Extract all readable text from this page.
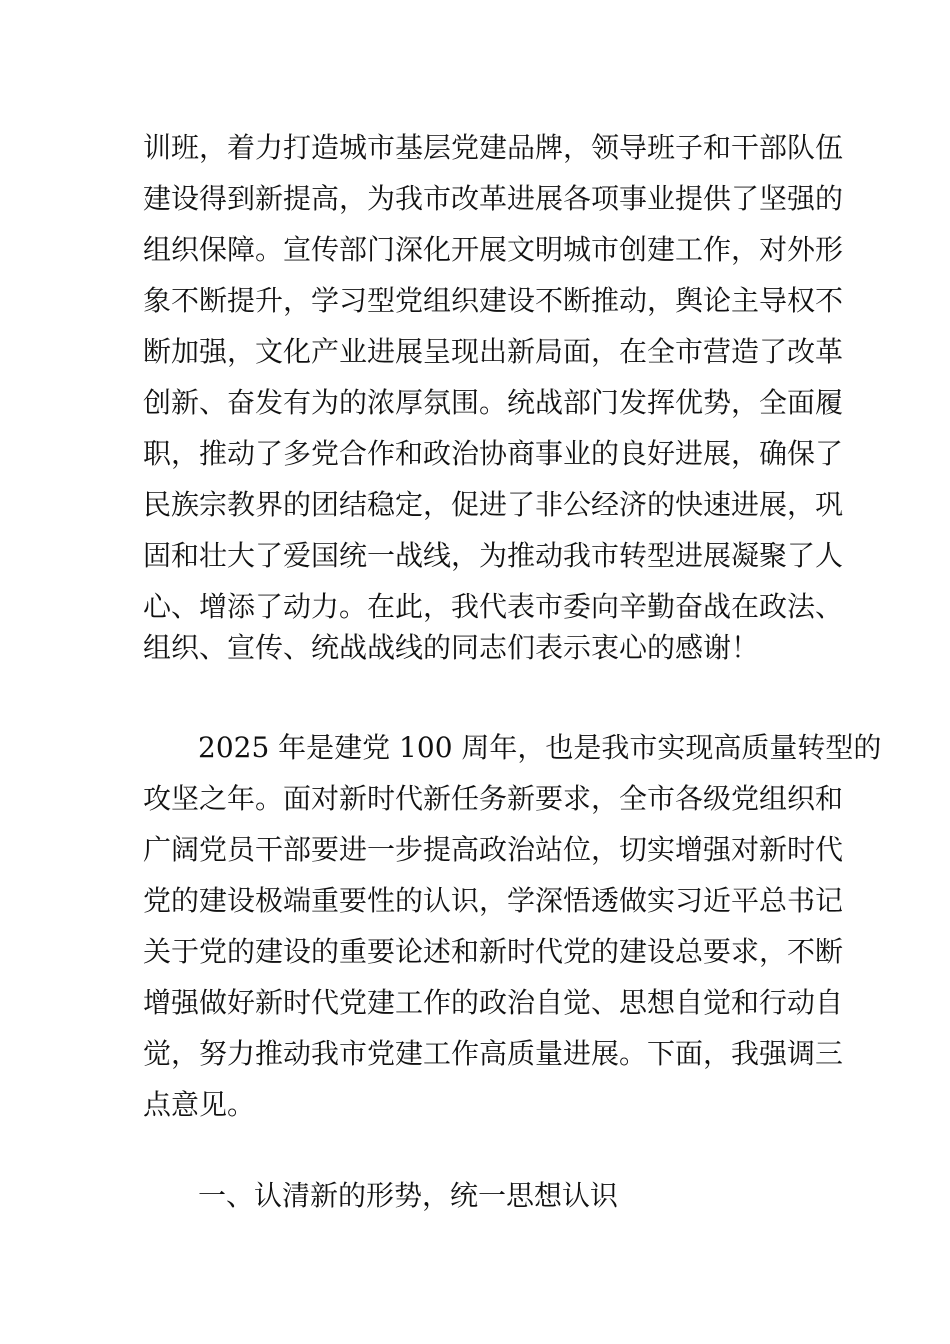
训班，着力打造城市基层党建品牌，领导班子和干部队伍
建设得到新提高，为我市改革进展各项事业提供了坚强的
组织保障。宣传部门深化开展文明城市创建工作，对外形
象不断提升，学习型党组织建设不断推动，舆论主导权不
断加强，文化产业进展呈现出新局面，在全市营造了改革
创新、奋发有为的浓厚氛围。统战部门发挥优势，全面履
职，推动了多党合作和政治协商事业的良好进展，确保了
民族宗教界的团结稳定，促进了非公经济的快速进展，巩
固和壮大了爱国统一战线，为推动我市转型进展凝聚了人
心、增添了动力。在此，我代表市委向辛勤奋战在政法、
组织、宣传、统战战线的同志们表示衷心的感谢！
2025 年是建党 100 周年，也是我市实现高质量转型的
攻坚之年。面对新时代新任务新要求，全市各级党组织和
广阔党员干部要进一步提高政治站位，切实增强对新时代
党的建设极端重要性的认识，学深悟透做实习近平总书记
关于党的建设的重要论述和新时代党的建设总要求，不断
增强做好新时代党建工作的政治自觉、思想自觉和行动自
觉，努力推动我市党建工作高质量进展。下面，我强调三
点意见。
一、认清新的形势，统一思想认识
